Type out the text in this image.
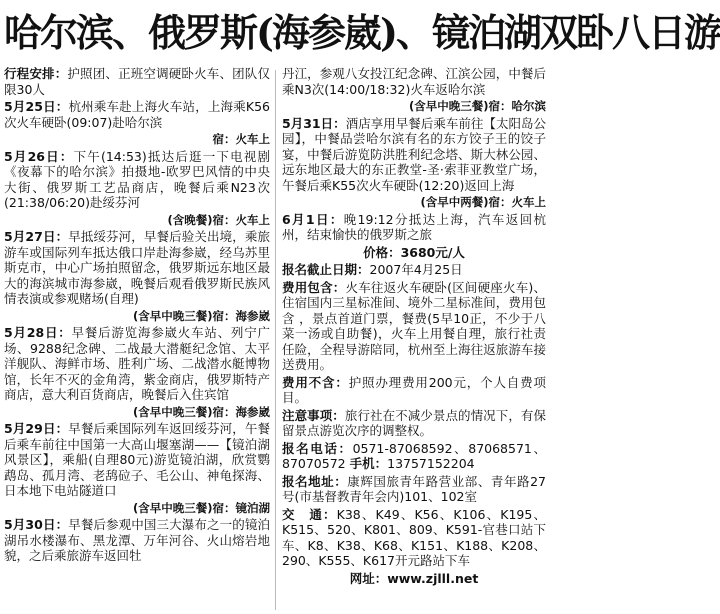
哈尔滨、俄罗斯(海参崴)、镜泊湖双卧八日游

行程安排：护照团、正班空调硬卧火车、团队仅限30人

5月25日：杭州乘车赴上海火车站，上海乘K56次火车硬卧(09:07)赴哈尔滨

宿：火车上

5月26日：下午(14:53)抵达后逛一下电视剧《夜幕下的哈尔滨》拍摄地-欧罗巴风情的中央大街、俄罗斯工艺品商店，晚餐后乘N23次(21:38/06:20)赴绥芬河

(含晚餐)宿：火车上

5月27日：早抵绥芬河，早餐后验关出境，乘旅游车或国际列车抵达俄口岸赴海参崴，经乌苏里斯克市，中心广场拍照留念，俄罗斯远东地区最大的海滨城市海参崴，晚餐后观看俄罗斯民族风情表演或参观赌场(自理)

(含早中晚三餐)宿：海参崴

5月28日：早餐后游览海参崴火车站、列宁广场、9288纪念碑、二战最大潜艇纪念馆、太平洋舰队、海鲜市场、胜利广场、二战潜水艇博物馆，长年不灭的金角湾，紫金商店，俄罗斯特产商店，意大利百货商店，晚餐后入住宾馆

(含早中晚三餐)宿：海参崴

5月29日：早餐后乘国际列车返回绥芬河，午餐后乘车前往中国第一大高山堰塞湖——【镜泊湖风景区】，乘船(自理80元)游览镜泊湖，欣赏鹦鹉岛、孤月湾、老鸹砬子、毛公山、神龟探海、日本地下电站隧道口

(含早中晚三餐)宿：镜泊湖

5月30日：早餐后参观中国三大瀑布之一的镜泊湖吊水楼瀑布、黑龙潭、万年河谷、火山熔岩地貌，之后乘旅游车返回牡

丹江，参观八女投江纪念碑、江滨公园，中餐后乘N3次(14:00/18:32)火车返哈尔滨

(含早中晚三餐)宿：哈尔滨

5月31日：酒店享用早餐后乘车前往【太阳岛公园】，中餐品尝哈尔滨有名的东方饺子王的饺子宴，中餐后游览防洪胜利纪念塔、斯大林公园、远东地区最大的东正教堂-圣·索菲亚教堂广场，午餐后乘K55次火车硬卧(12:20)返回上海

(含早中两餐)宿：火车上

6月1日：晚19:12分抵达上海，汽车返回杭州，结束愉快的俄罗斯之旅

价格：3680元/人

报名截止日期：2007年4月25日

费用包含：火车往返火车硬卧(区间硬座火车)、住宿国内三星标准间、境外二星标准间，费用包含 ，景点首道门票，餐费(5早10正，不少于八菜一汤或自助餐)，火车上用餐自理，旅行社责任险，全程导游陪同，杭州至上海往返旅游车接送费用。

费用不含：护照办理费用200元，个人自费项目。

注意事项：旅行社在不减少景点的情况下，有保留景点游览次序的调整权。

报名电话：0571-87068592、87068571、87070572 手机：13757152204

报名地址：康辉国旅青年路营业部、青年路27号(市基督教青年会内)101、102室

交　通：K38、K49、K56、K106、K195、K515、520、K801、809、K591-官巷口站下车、K8、K38、K68、K151、K188、K208、290、K555、K617开元路站下车

网址：www.zjlll.net
